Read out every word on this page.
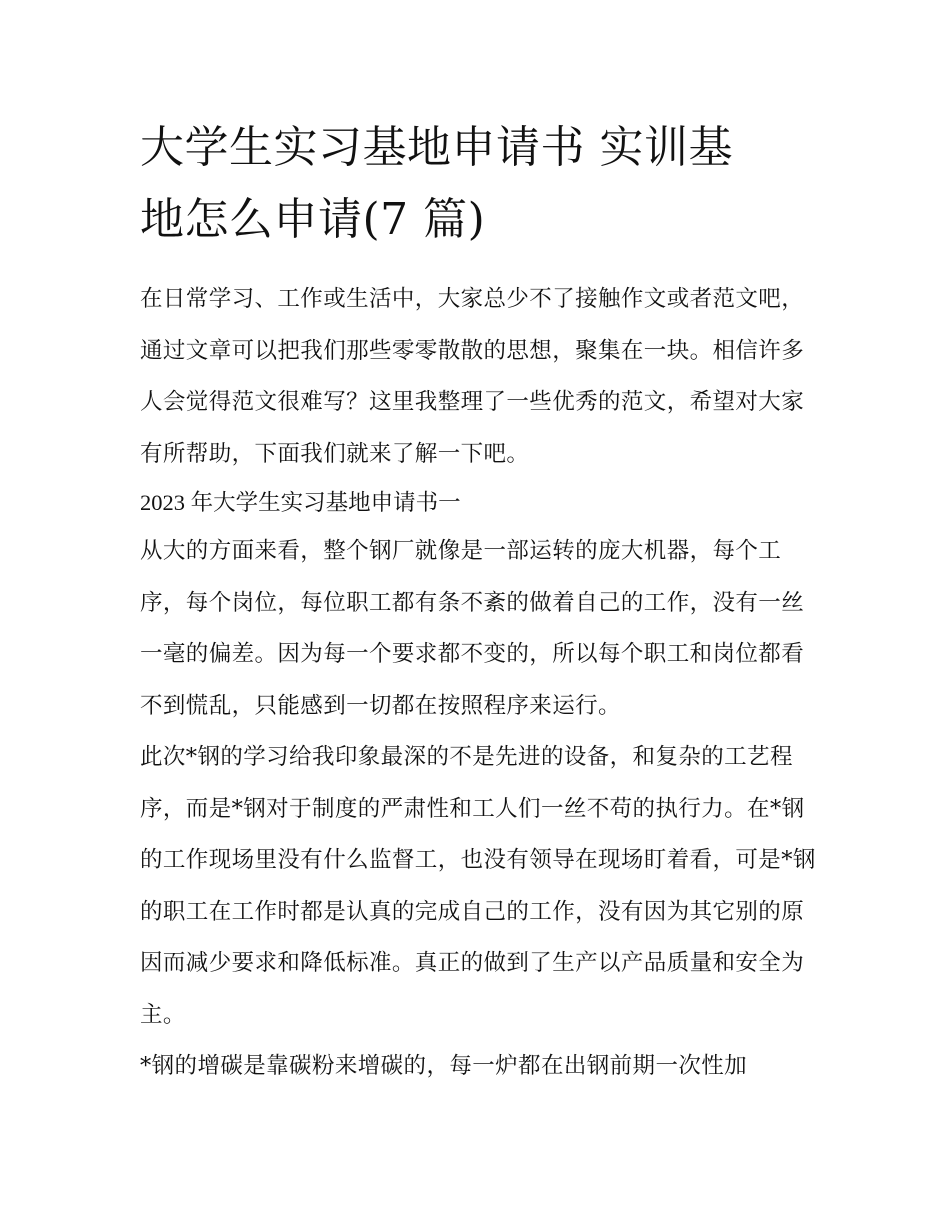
大学生实习基地申请书 实训基
地怎么申请(7 篇)

在日常学习、工作或生活中，大家总少不了接触作文或者范文吧，通过文章可以把我们那些零零散散的思想，聚集在一块。相信许多人会觉得范文很难写？这里我整理了一些优秀的范文，希望对大家有所帮助，下面我们就来了解一下吧。

2023 年大学生实习基地申请书一

从大的方面来看，整个钢厂就像是一部运转的庞大机器，每个工序，每个岗位，每位职工都有条不紊的做着自己的工作，没有一丝一毫的偏差。因为每一个要求都不变的，所以每个职工和岗位都看不到慌乱，只能感到一切都在按照程序来运行。

此次*钢的学习给我印象最深的不是先进的设备，和复杂的工艺程序，而是*钢对于制度的严肃性和工人们一丝不苟的执行力。在*钢的工作现场里没有什么监督工，也没有领导在现场盯着看，可是*钢的职工在工作时都是认真的完成自己的工作，没有因为其它别的原因而减少要求和降低标准。真正的做到了生产以产品质量和安全为主。

*钢的增碳是靠碳粉来增碳的，每一炉都在出钢前期一次性加
